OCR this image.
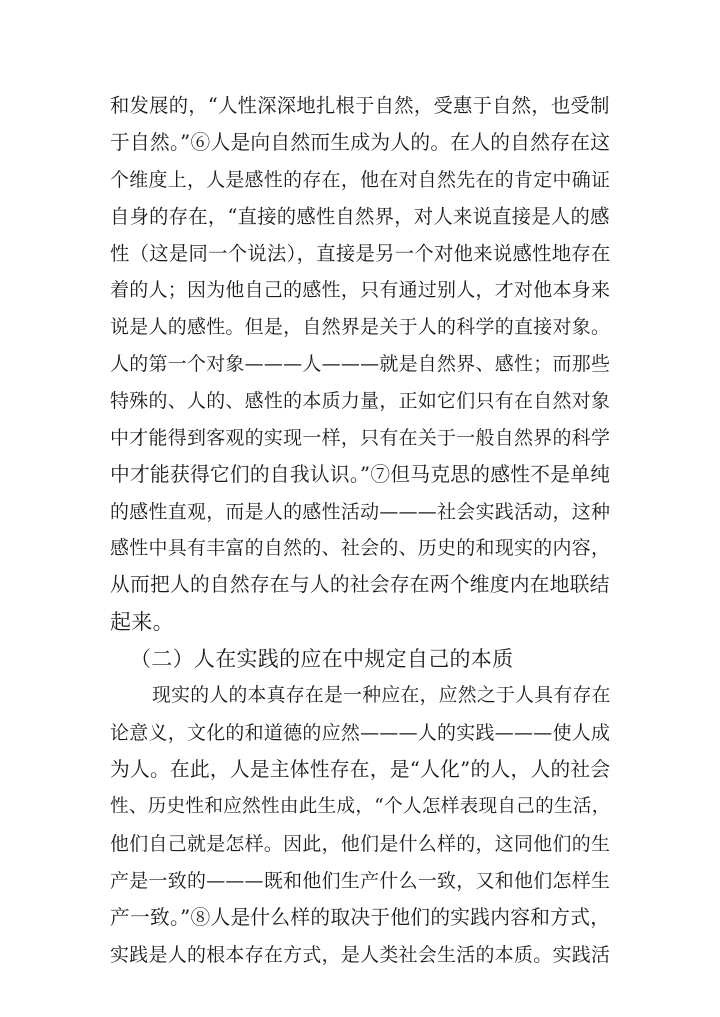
和发展的，“人性深深地扎根于自然，受惠于自然，也受制
于自然。”⑥人是向自然而生成为人的。在人的自然存在这
个维度上，人是感性的存在，他在对自然先在的肯定中确证
自身的存在，“直接的感性自然界，对人来说直接是人的感
性（这是同一个说法），直接是另一个对他来说感性地存在
着的人；因为他自己的感性，只有通过别人，才对他本身来
说是人的感性。但是，自然界是关于人的科学的直接对象。
人的第一个对象———人———就是自然界、感性；而那些
特殊的、人的、感性的本质力量，正如它们只有在自然对象
中才能得到客观的实现一样，只有在关于一般自然界的科学
中才能获得它们的自我认识。”⑦但马克思的感性不是单纯
的感性直观，而是人的感性活动———社会实践活动，这种
感性中具有丰富的自然的、社会的、历史的和现实的内容，
从而把人的自然存在与人的社会存在两个维度内在地联结
起来。
（二）人在实践的应在中规定自己的本质
现实的人的本真存在是一种应在，应然之于人具有存在
论意义，文化的和道德的应然———人的实践———使人成
为人。在此，人是主体性存在，是“人化”的人，人的社会
性、历史性和应然性由此生成，“个人怎样表现自己的生活，
他们自己就是怎样。因此，他们是什么样的，这同他们的生
产是一致的———既和他们生产什么一致，又和他们怎样生
产一致。”⑧人是什么样的取决于他们的实践内容和方式，
实践是人的根本存在方式，是人类社会生活的本质。实践活
